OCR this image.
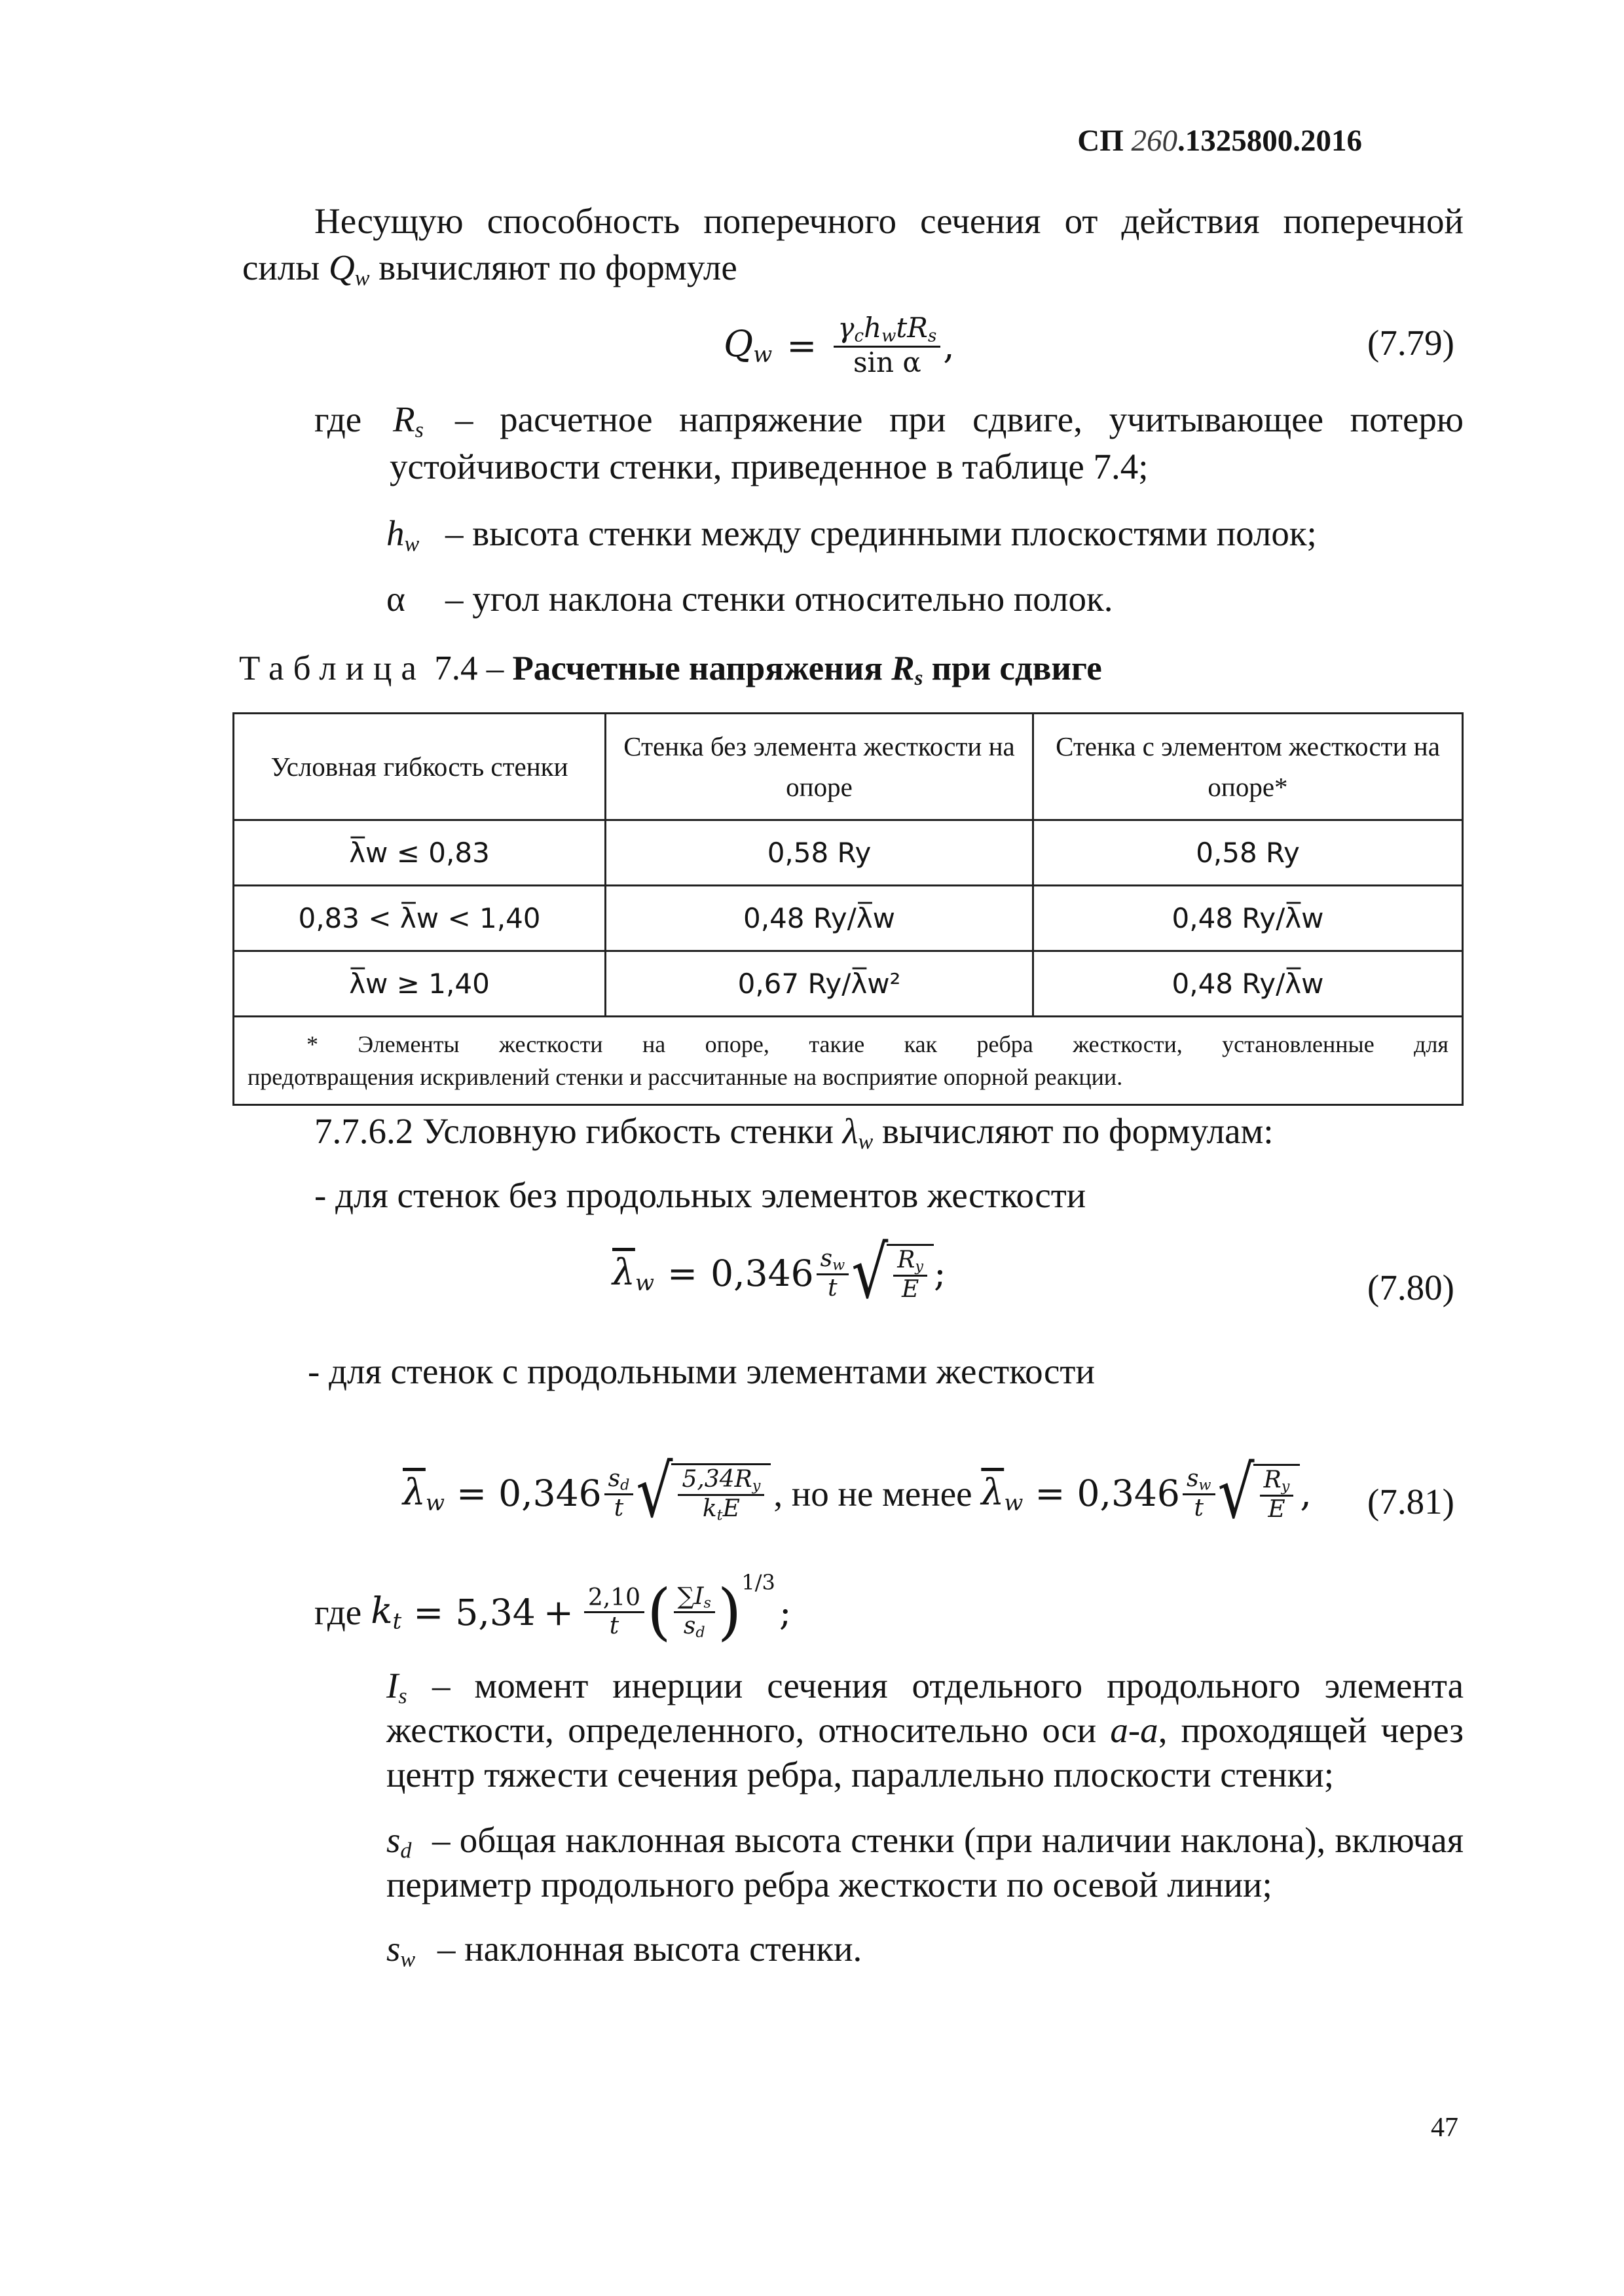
СП 260.1325800.2016
Несущую способность поперечного сечения от действия поперечной
силы $Q_w$ вычисляют по формуле
$Q_w = \frac{\gamma_ch_wtR_s}{\text{sin α}}$ ,	(7.79)
где $R_s$ – расчетное напряжение при сдвиге, учитывающее потерю
устойчивости стенки, приведенное в таблице 7.4;
$h_w$ – высота стенки между срединными плоскостями полок;
α – угол наклона стенки относительно полок.
Таблица 7.4 – Расчетные напряжения $R_s$ при сдвиге
Условная гибкость стенки	Стенка без элемента жесткости на опоре	Стенка с элементом жесткости на опоре*
λ̅w ≤ 0,83	0,58 Ry	0,58 Ry
0,83 < λ̅w < 1,40	0,48 Ry/λ̅w	0,48 Ry/λ̅w
λ̅w ≥ 1,40	0,67 Ry/λ̅w²	0,48 Ry/λ̅w

* Элементы жесткости на опоре, такие как ребра жесткости, установленные для
предотвращения искривлений стенки и рассчитанные на восприятие опорной реакции.		
7.7.6.2 Условную гибкость стенки $\lambda_w$ вычисляют по формулам:
- для стенок без продольных элементов жесткости
$\overline{\lambda}_w = 0,346 \frac{s_w}{t}$ √ $\frac{R_y}{E}$ ;	(7.80)
- для стенок с продольными элементами жесткости
$\overline{\lambda}_w = 0,346 \frac{s_d}{t}$ √ $\frac{5,34R_y}{k_tE}$ , но не менее $\overline{\lambda}_w = 0,346 \frac{s_w}{t}$ √ $\frac{R_y}{E}$ , (7.81)
где $k_t = 5,34 + \frac{2,10}{t}$ ( $\frac{\sum I_s}{s_d}$ ) 1/3
;
$I_s$ – момент инерции сечения отдельного продольного элемента
жесткости, определенного, относительно оси a-a, проходящей через
центр тяжести сечения ребра, параллельно плоскости стенки;
$s_d$ – общая наклонная высота стенки (при наличии наклона), включая
периметр продольного ребра жесткости по осевой линии;
$s_w$ – наклонная высота стенки.
47
